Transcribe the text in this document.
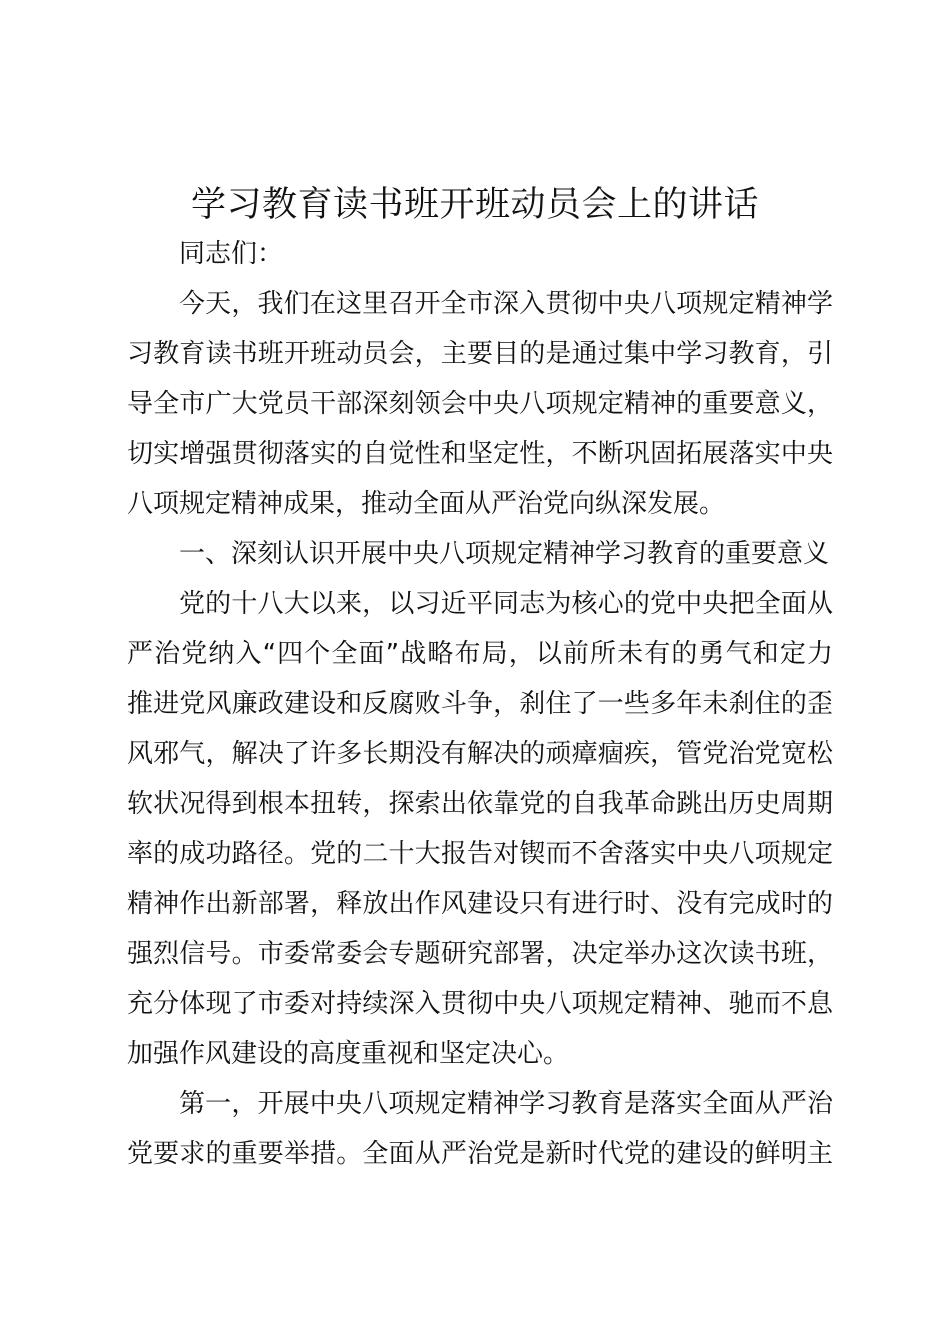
学习教育读书班开班动员会上的讲话

同志们：

今天，我们在这里召开全市深入贯彻中央八项规定精神学

习教育读书班开班动员会，主要目的是通过集中学习教育，引

导全市广大党员干部深刻领会中央八项规定精神的重要意义，

切实增强贯彻落实的自觉性和坚定性，不断巩固拓展落实中央

八项规定精神成果，推动全面从严治党向纵深发展。

一、深刻认识开展中央八项规定精神学习教育的重要意义

党的十八大以来，以习近平同志为核心的党中央把全面从

严治党纳入“四个全面”战略布局，以前所未有的勇气和定力

推进党风廉政建设和反腐败斗争，刹住了一些多年未刹住的歪

风邪气，解决了许多长期没有解决的顽瘴痼疾，管党治党宽松

软状况得到根本扭转，探索出依靠党的自我革命跳出历史周期

率的成功路径。党的二十大报告对锲而不舍落实中央八项规定

精神作出新部署，释放出作风建设只有进行时、没有完成时的

强烈信号。市委常委会专题研究部署，决定举办这次读书班，

充分体现了市委对持续深入贯彻中央八项规定精神、驰而不息

加强作风建设的高度重视和坚定决心。

第一，开展中央八项规定精神学习教育是落实全面从严治

党要求的重要举措。全面从严治党是新时代党的建设的鲜明主
